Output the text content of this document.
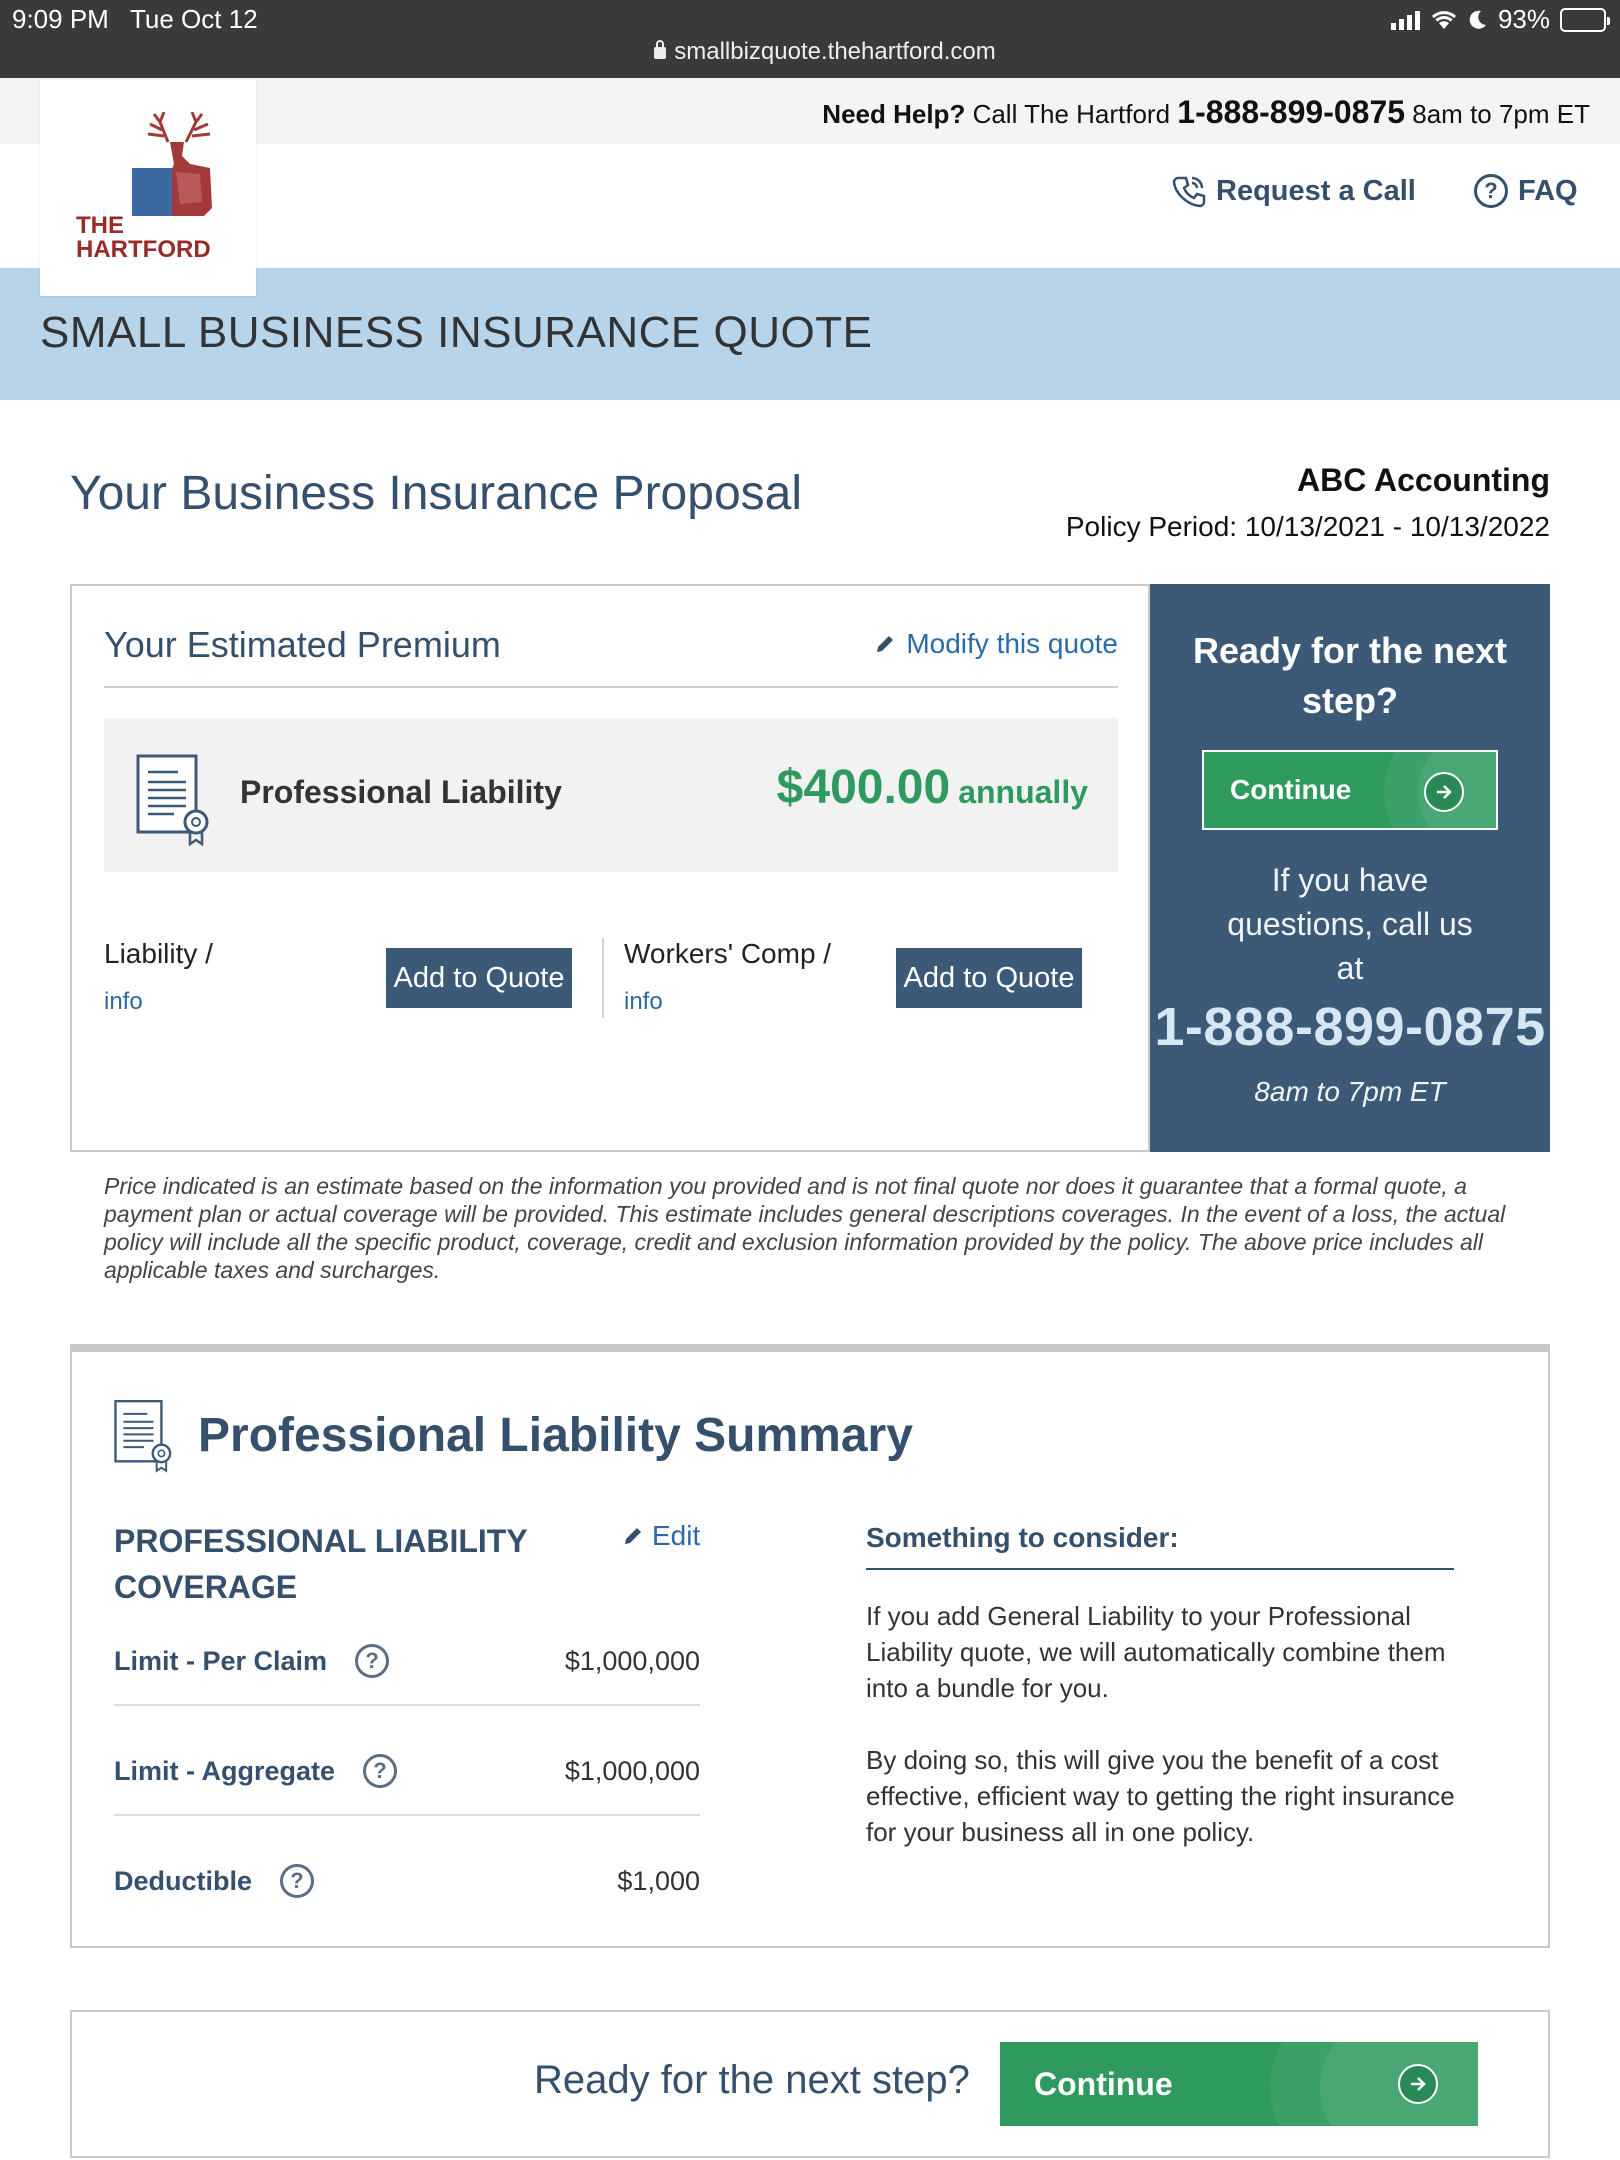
9:09 PM Tue Oct 12
smallbizquote.thehartford.com
93%
Need Help? Call The Hartford 1-888-899-0875 8am to 7pm ET
THE
HARTFORD
Request a Call	? FAQ
SMALL BUSINESS INSURANCE QUOTE
Your Business Insurance Proposal	ABC Accounting
Policy Period: 10/13/2021 - 10/13/2022
Your Estimated Premium	Modify this quote
Professional Liability	$400.00 annually
Liability /
info
Add to Quote
Workers' Comp /
info
Add to Quote
Ready for the next step?
Continue
If you have questions, call us at
1-888-899-0875
8am to 7pm ET
Price indicated is an estimate based on the information you provided and is not final quote nor does it guarantee that a formal quote, a payment plan or actual coverage will be provided. This estimate includes general descriptions coverages. In the event of a loss, the actual policy will include all the specific product, coverage, credit and exclusion information provided by the policy. The above price includes all applicable taxes and surcharges.
Professional Liability Summary
PROFESSIONAL LIABILITY COVERAGE
Edit
Limit - Per Claim	?	$1,000,000
Limit - Aggregate	?	$1,000,000
Deductible	?	$1,000
Something to consider:
If you add General Liability to your Professional Liability quote, we will automatically combine them into a bundle for you.
By doing so, this will give you the benefit of a cost effective, efficient way to getting the right insurance for your business all in one policy.
Ready for the next step? Continue
